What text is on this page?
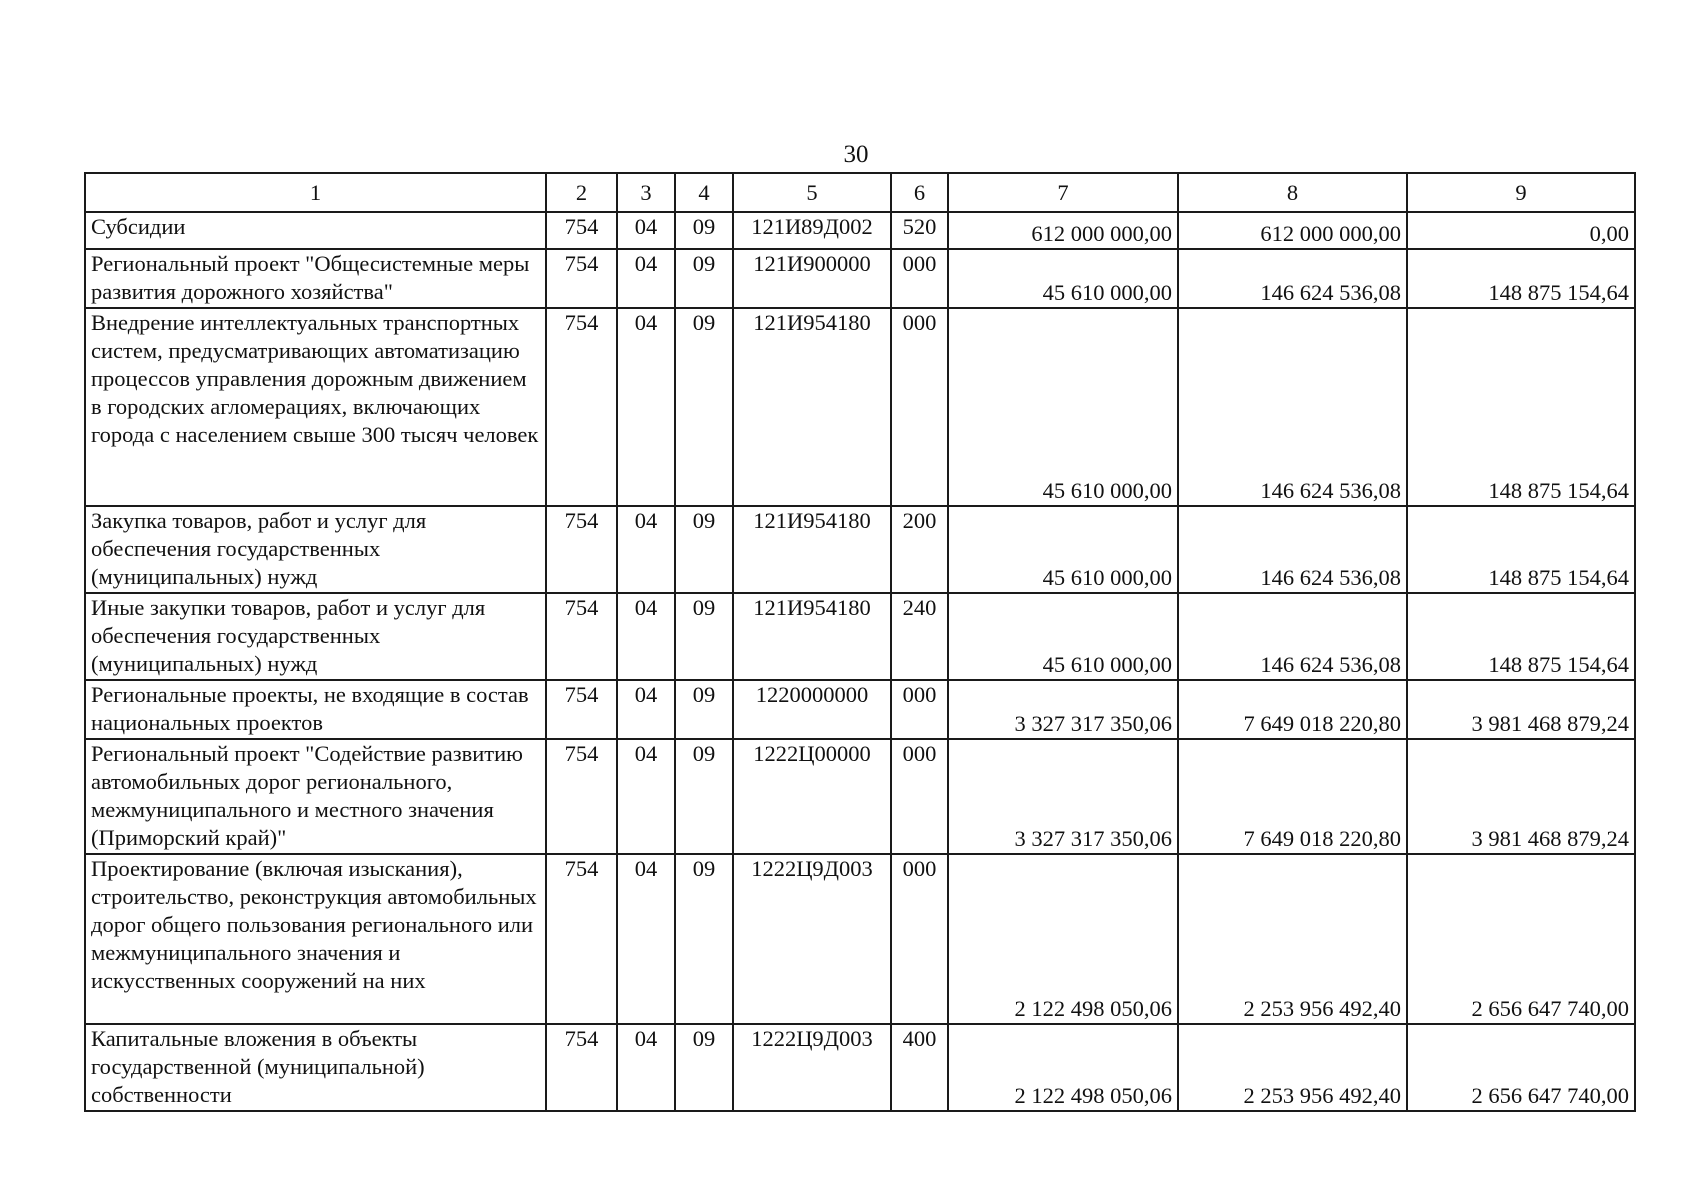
30
1	2	3	4	5	6	7	8	9
Субсидии	754	04	09	121И89Д002	520	612 000 000,00	612 000 000,00	0,00
Региональный проект "Общесистемные меры развития дорожного хозяйства"	754	04	09	121И900000	000	45 610 000,00	146 624 536,08	148 875 154,64
Внедрение интеллектуальных транспортных систем, предусматривающих автоматизацию процессов управления дорожным движением в городских агломерациях, включающих города с населением свыше 300 тысяч человек	754	04	09	121И954180	000	45 610 000,00	146 624 536,08	148 875 154,64
Закупка товаров, работ и услуг для обеспечения государственных (муниципальных) нужд	754	04	09	121И954180	200	45 610 000,00	146 624 536,08	148 875 154,64
Иные закупки товаров, работ и услуг для обеспечения государственных (муниципальных) нужд	754	04	09	121И954180	240	45 610 000,00	146 624 536,08	148 875 154,64
Региональные проекты, не входящие в состав национальных проектов	754	04	09	1220000000	000	3 327 317 350,06	7 649 018 220,80	3 981 468 879,24
Региональный проект "Содействие развитию автомобильных дорог регионального, межмуниципального и местного значения (Приморский край)"	754	04	09	1222Ц00000	000	3 327 317 350,06	7 649 018 220,80	3 981 468 879,24
Проектирование (включая изыскания), строительство, реконструкция автомобильных дорог общего пользования регионального или межмуниципального значения и искусственных сооружений на них	754	04	09	1222Ц9Д003	000	2 122 498 050,06	2 253 956 492,40	2 656 647 740,00
Капитальные вложения в объекты государственной (муниципальной) собственности	754	04	09	1222Ц9Д003	400	2 122 498 050,06	2 253 956 492,40	2 656 647 740,00
